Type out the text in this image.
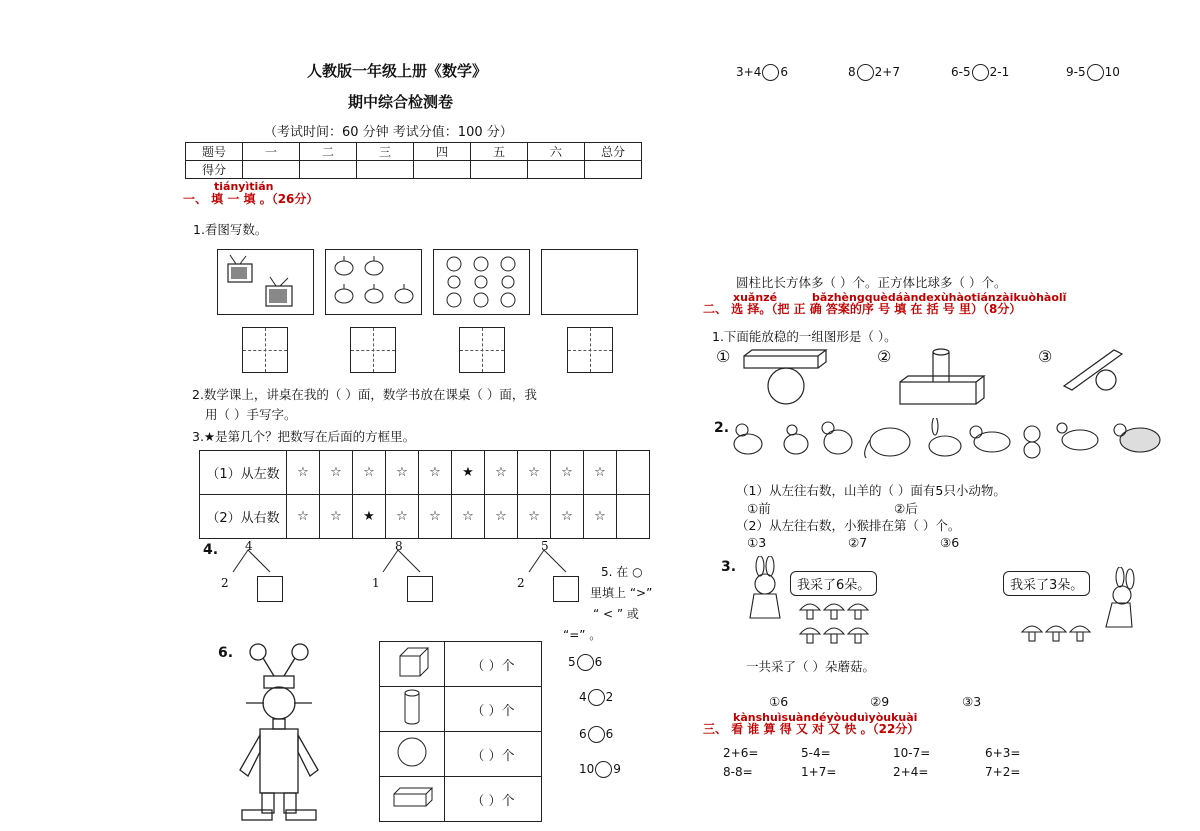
人教版一年级上册《数学》
期中综合检测卷
（考试时间：60 分钟 考试分值：100 分）
题号	一	二	三	四	五	六	总分
得分							
tiányìtián
一、 填 一 填 。（26分）
1.看图写数。
2.数学课上，讲桌在我的（ ）面，数学书放在课桌（ ）面，我
用（ ）手写字。
3.★是第几个？把数写在后面的方框里。
（1）从左数	☆	☆	☆	☆	☆	★	☆	☆	☆	☆	
（2）从右数	☆	☆	★	☆	☆	☆	☆	☆	☆	☆	
4. 4
2
8
1
5
2
5. 在 ○
里填上 “>”
“ < ” 或
“=” 。
5 6
4 2
6 6
10 9
6.
	（ ）个
	（ ）个
	（ ）个
	（ ）个
3+4 6	8 2+7	6-5 2-1	9-5 10
圆柱比长方体多（ ）个。正方体比球多（ ）个。
xuǎnzé	bǎzhèngquèdáàndexùhàotiánzàikuòhàolǐ
二、 选 择。（把 正 确 答案的序 号 填 在 括 号 里）（8分）
1.下面能放稳的一组图形是（ ）。
①	②	③
2.
（1）从左往右数，山羊的（ ）面有5只小动物。
①前	②后
（2）从左往右数，小猴排在第（ ）个。
①3	②7	③6
3.
我采了6朵。	我采了3朵。
一共采了（ ）朵蘑菇。
①6	②9	③3
kànshuìsuàndéyòuduìyòukuài
三、 看 谁 算 得 又 对 又 快 。（22分）
2+6=	5-4=	10-7=	6+3=
8-8=	1+7=	2+4=	7+2=
